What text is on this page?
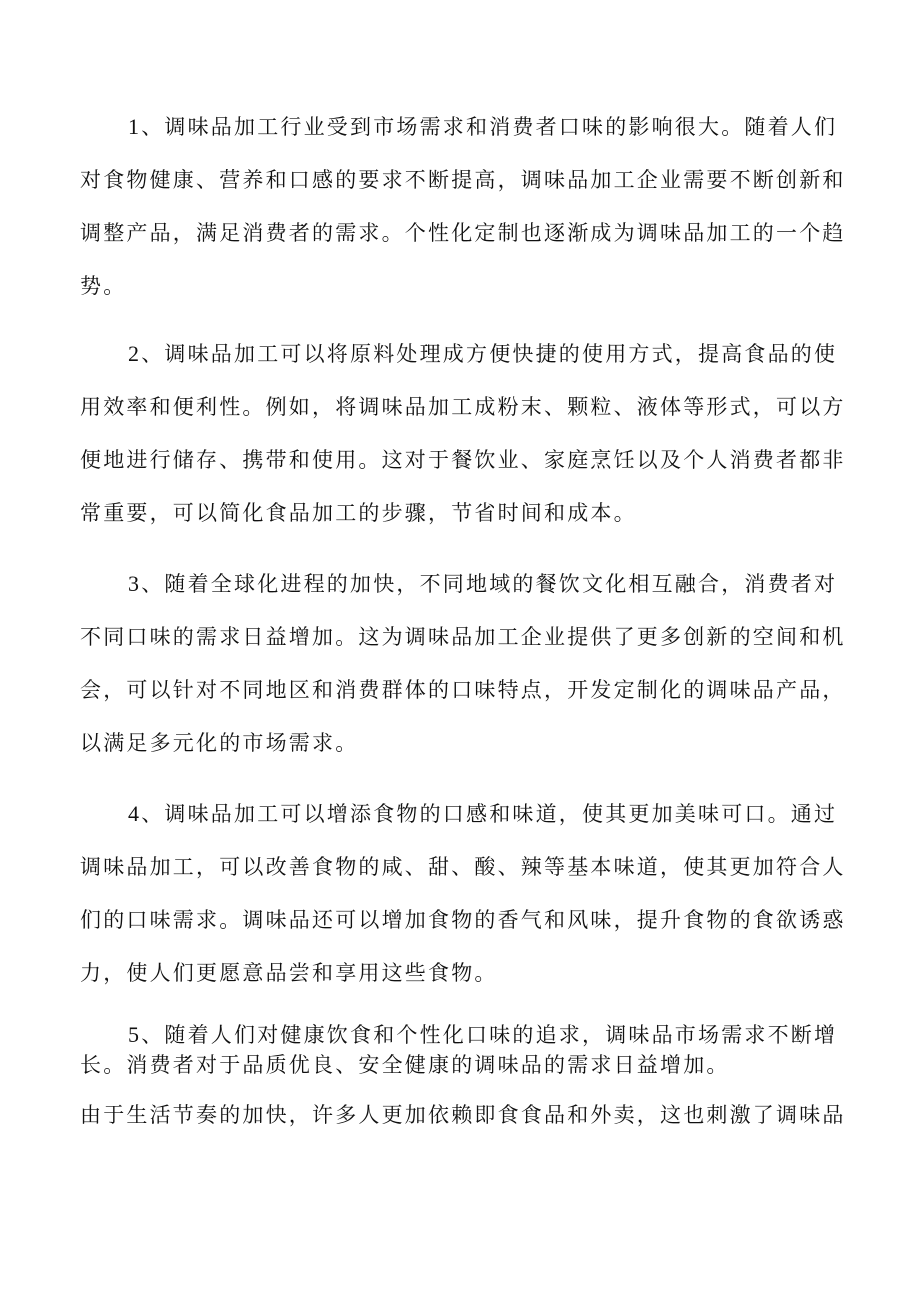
1、调味品加工行业受到市场需求和消费者口味的影响很大。随着人们
对食物健康、营养和口感的要求不断提高，调味品加工企业需要不断创新和
调整产品，满足消费者的需求。个性化定制也逐渐成为调味品加工的一个趋
势。
2、调味品加工可以将原料处理成方便快捷的使用方式，提高食品的使
用效率和便利性。例如，将调味品加工成粉末、颗粒、液体等形式，可以方
便地进行储存、携带和使用。这对于餐饮业、家庭烹饪以及个人消费者都非
常重要，可以简化食品加工的步骤，节省时间和成本。
3、随着全球化进程的加快，不同地域的餐饮文化相互融合，消费者对
不同口味的需求日益增加。这为调味品加工企业提供了更多创新的空间和机
会，可以针对不同地区和消费群体的口味特点，开发定制化的调味品产品，
以满足多元化的市场需求。
4、调味品加工可以增添食物的口感和味道，使其更加美味可口。通过
调味品加工，可以改善食物的咸、甜、酸、辣等基本味道，使其更加符合人
们的口味需求。调味品还可以增加食物的香气和风味，提升食物的食欲诱惑
力，使人们更愿意品尝和享用这些食物。
5、随着人们对健康饮食和个性化口味的追求，调味品市场需求不断增
长。消费者对于品质优良、安全健康的调味品的需求日益增加。
由于生活节奏的加快，许多人更加依赖即食食品和外卖，这也刺激了调味品
